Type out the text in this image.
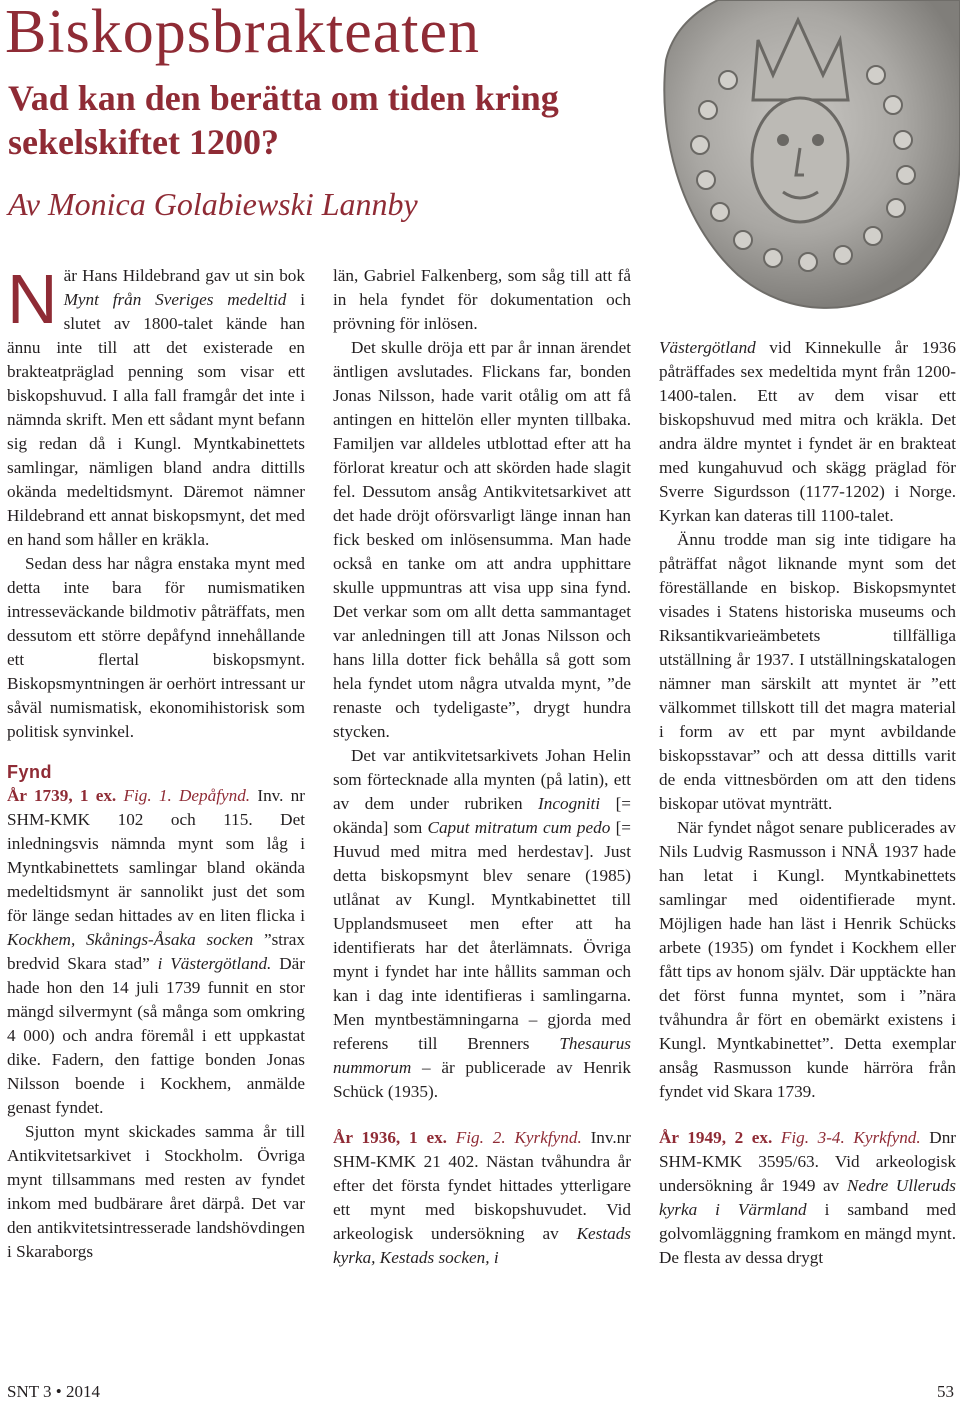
Biskopsbrakteaten
Vad kan den berätta om tiden kring sekelskiftet 1200?

Av Monica Golabiewski Lannby

När Hans Hildebrand gav ut sin bok Mynt från Sveriges medeltid i slutet av 1800-talet kände han ännu inte till att det existerade en brakteatpräglad penning som visar ett biskopshuvud. I alla fall framgår det inte i nämnda skrift. Men ett sådant mynt befann sig redan då i Kungl. Myntkabinettets samlingar, nämligen bland andra dittills okända medeltidsmynt. Däremot nämner Hildebrand ett annat biskopsmynt, det med en hand som håller en kräkla.

Sedan dess har några enstaka mynt med detta inte bara för numismatiken intresseväckande bildmotiv påträffats, men dessutom ett större depåfynd innehållande ett flertal biskopsmynt. Biskopsmyntningen är oerhört intressant ur såväl numismatisk, ekonomihistorisk som politisk synvinkel.

Fynd

År 1739, 1 ex. Fig. 1. Depåfynd. Inv. nr SHM-KMK 102 och 115. Det inledningsvis nämnda mynt som låg i Myntkabinettets samlingar bland okända medeltidsmynt är sannolikt just det som för länge sedan hittades av en liten flicka i Kockhem, Skånings-Åsaka socken ”strax bredvid Skara stad” i Västergötland. Där hade hon den 14 juli 1739 funnit en stor mängd silvermynt (så många som omkring 4 000) och andra föremål i ett uppkastat dike. Fadern, den fattige bonden Jonas Nilsson boende i Kockhem, anmälde genast fyndet.

Sjutton mynt skickades samma år till Antikvitetsarkivet i Stockholm. Övriga mynt tillsammans med resten av fyndet inkom med budbärare året därpå. Det var den antikvitetsintresserade landshövdingen i Skaraborgs

län, Gabriel Falkenberg, som såg till att få in hela fyndet för dokumentation och prövning för inlösen.

Det skulle dröja ett par år innan ärendet äntligen avslutades. Flickans far, bonden Jonas Nilsson, hade varit otålig om att få antingen en hittelön eller mynten tillbaka. Familjen var alldeles utblottad efter att ha förlorat kreatur och att skörden hade slagit fel. Dessutom ansåg Antikvitetsarkivet att det hade dröjt oförsvarligt länge innan han fick besked om inlösensumma. Man hade också en tanke om att andra upphittare skulle uppmuntras att visa upp sina fynd. Det verkar som om allt detta sammantaget var anledningen till att Jonas Nilsson och hans lilla dotter fick behålla så gott som hela fyndet utom några utvalda mynt, ”de renaste och tydeligaste”, drygt hundra stycken.

Det var antikvitetsarkivets Johan Helin som förtecknade alla mynten (på latin), ett av dem under rubriken Incogniti [= okända] som Caput mitratum cum pedo [= Huvud med mitra med herdestav]. Just detta biskopsmynt blev senare (1985) utlånat av Kungl. Myntkabinettet till Upplandsmuseet men efter att ha identifierats har det återlämnats. Övriga mynt i fyndet har inte hållits samman och kan i dag inte identifieras i samlingarna. Men myntbestämningarna – gjorda med referens till Brenners Thesaurus nummorum – är publicerade av Henrik Schück (1935).

År 1936, 1 ex. Fig. 2. Kyrkfynd. Inv.nr SHM-KMK 21 402. Nästan tvåhundra år efter det första fyndet hittades ytterligare ett mynt med biskopshuvudet. Vid arkeologisk undersökning av Kestads kyrka, Kestads socken, i

Västergötland vid Kinnekulle år 1936 påträffades sex medeltida mynt från 1200-1400-talen. Ett av dem visar ett biskopshuvud med mitra och kräkla. Det andra äldre myntet i fyndet är en brakteat med kungahuvud och skägg präglad för Sverre Sigurdsson (1177-1202) i Norge. Kyrkan kan dateras till 1100-talet.

Ännu trodde man sig inte tidigare ha påträffat något liknande mynt som det föreställande en biskop. Biskopsmyntet visades i Statens historiska museums och Riksantikvarieämbetets tillfälliga utställning år 1937. I utställningskatalogen nämner man särskilt att myntet är ”ett välkommet tillskott till det magra material i form av ett par mynt avbildande biskopsstavar” och att dessa dittills varit de enda vittnesbörden om att den tidens biskopar utövat mynträtt.

När fyndet något senare publicerades av Nils Ludvig Rasmusson i NNÅ 1937 hade han letat i Kungl. Myntkabinettets samlingar med oidentifierade mynt. Möjligen hade han läst i Henrik Schücks arbete (1935) om fyndet i Kockhem eller fått tips av honom själv. Där upptäckte han det först funna myntet, som i ”nära tvåhundra år fört en obemärkt existens i Kungl. Myntkabinettet”. Detta exemplar ansåg Rasmusson kunde härröra från fyndet vid Skara 1739.

År 1949, 2 ex. Fig. 3-4. Kyrkfynd. Dnr SHM-KMK 3595/63. Vid arkeologisk undersökning år 1949 av Nedre Ulleruds kyrka i Värmland i samband med golvomläggning framkom en mängd mynt. De flesta av dessa drygt

SNT 3 • 2014	53
